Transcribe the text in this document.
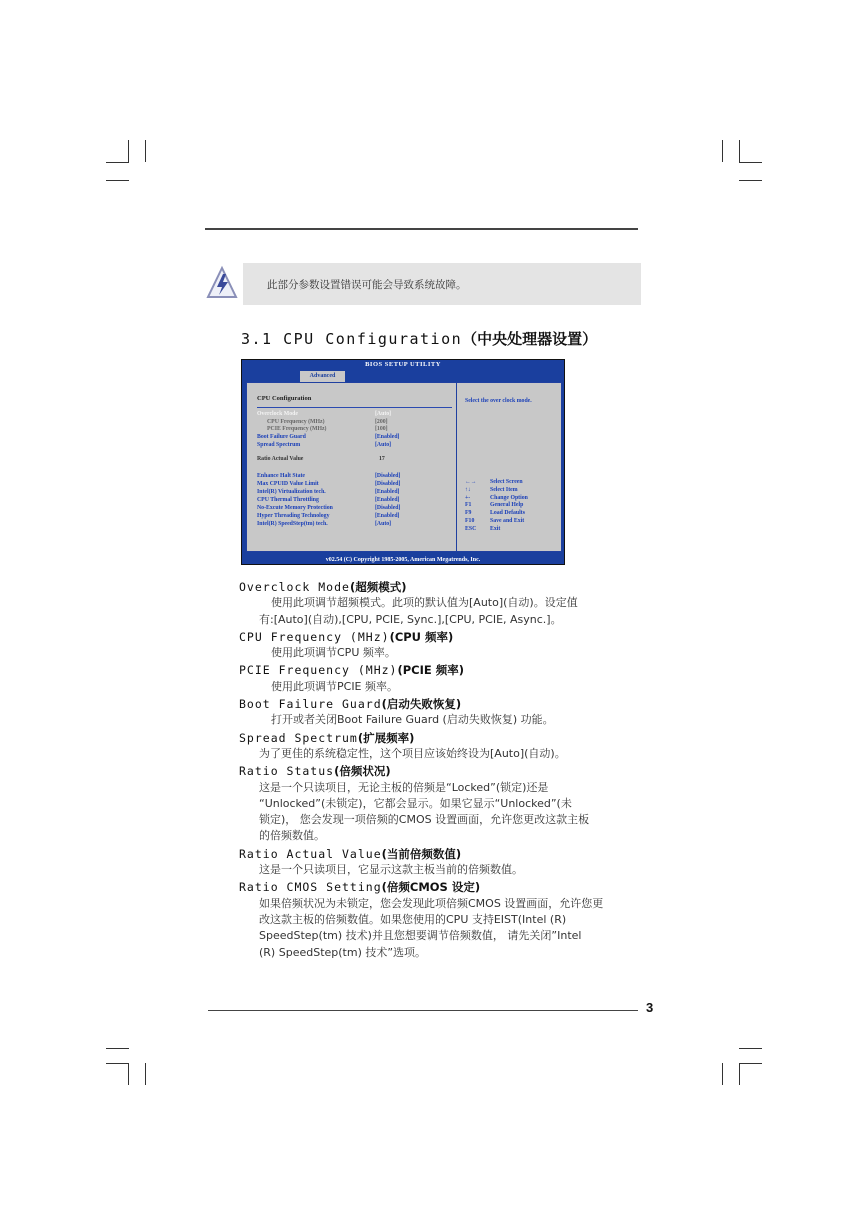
此部分参数设置错误可能会导致系统故障。
3.1 CPU Configuration（中央处理器设置）
BIOS SETUP UTILITY
Advanced
CPU Configuration
Overclock Mode	[Auto]
CPU Frequency (MHz)	[200]
PCIE Frequency (MHz)	[100]
Boot Failure Guard	[Enabled]
Spread Spectrum	[Auto]
Ratio Actual Value	17
Enhance Halt State	[Disabled]
Max CPUID Value Limit	[Disabled]
Intel(R) Virtualization tech.	[Enabled]
CPU Thermal Throttling	[Enabled]
No-Excute Memory Protection	[Disabled]
Hyper Threading Technology	[Enabled]
Intel(R) SpeedStep(tm) tech.	[Auto]
Select the over clock mode.
←→ Select Screen
↑↓	Select Item
+-	Change Option
F1	General Help
F9	Load Defaults
F10	Save and Exit
ESC Exit
v02.54 (C) Copyright 1985-2005, American Megatrends, Inc.
Overclock Mode(超频模式)
使用此项调节超频模式。此项的默认值为[Auto](自动)。设定值
有:[Auto](自动),[CPU, PCIE, Sync.],[CPU, PCIE, Async.]。
CPU Frequency (MHz)(CPU 频率)
使用此项调节CPU 频率。
PCIE Frequency (MHz)(PCIE 频率)
使用此项调节PCIE 频率。
Boot Failure Guard(启动失败恢复)
打开或者关闭Boot Failure Guard (启动失败恢复) 功能。
Spread Spectrum(扩展频率)
为了更佳的系统稳定性，这个项目应该始终设为[Auto](自动)。
Ratio Status(倍频状况)
这是一个只读项目，无论主板的倍频是“Locked”(锁定)还是
“Unlocked”(未锁定)，它都会显示。如果它显示“Unlocked”(未
锁定)， 您会发现一项倍频的CMOS 设置画面，允许您更改这款主板
的倍频数值。
Ratio Actual Value(当前倍频数值)
这是一个只读项目，它显示这款主板当前的倍频数值。
Ratio CMOS Setting(倍频CMOS 设定)
如果倍频状况为未锁定，您会发现此项倍频CMOS 设置画面，允许您更
改这款主板的倍频数值。如果您使用的CPU 支持EIST(Intel (R)
SpeedStep(tm) 技术)并且您想要调节倍频数值， 请先关闭”Intel
(R) SpeedStep(tm) 技术”选项。
3
